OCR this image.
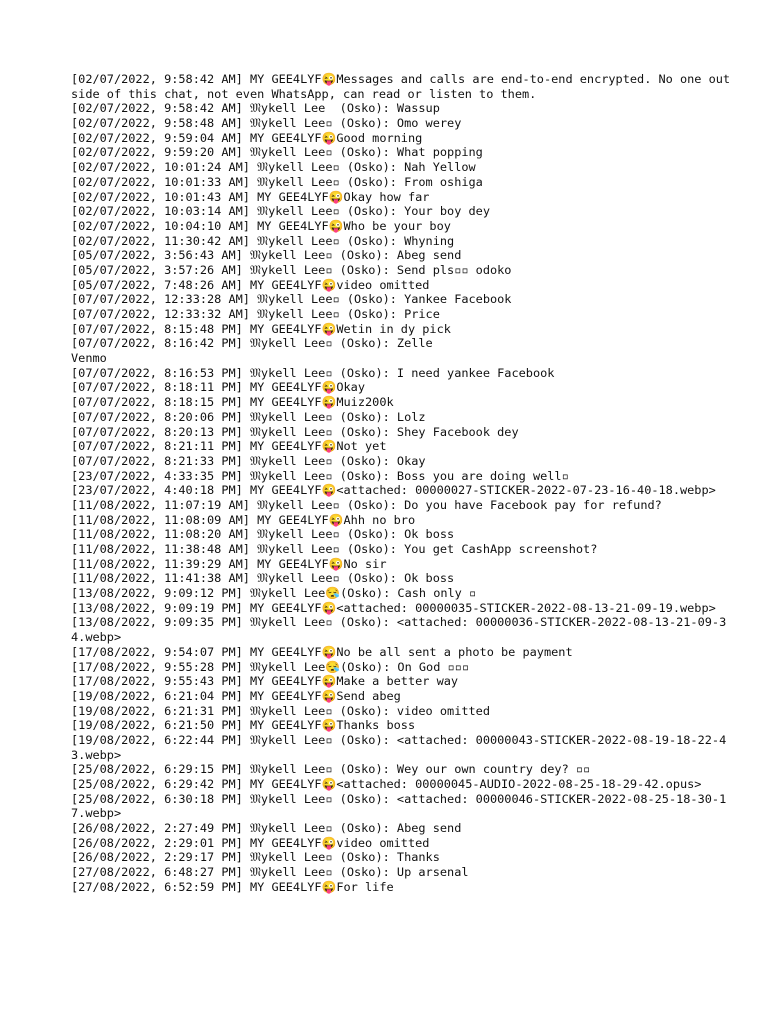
[02/07/2022, 9:58:42 AM] MY GEE4LYF😜Messages and calls are end-to-end encrypted. No one outside of this chat, not even WhatsApp, can read or listen to them.
[02/07/2022, 9:58:42 AM] 𝔐ykell Lee  (Osko): Wassup
[02/07/2022, 9:58:48 AM] 𝔐ykell Lee▫ (Osko): Omo werey
[02/07/2022, 9:59:04 AM] MY GEE4LYF😜Good morning
[02/07/2022, 9:59:20 AM] 𝔐ykell Lee▫ (Osko): What popping
[02/07/2022, 10:01:24 AM] 𝔐ykell Lee▫ (Osko): Nah Yellow
[02/07/2022, 10:01:33 AM] 𝔐ykell Lee▫ (Osko): From oshiga
[02/07/2022, 10:01:43 AM] MY GEE4LYF😜Okay how far
[02/07/2022, 10:03:14 AM] 𝔐ykell Lee▫ (Osko): Your boy dey
[02/07/2022, 10:04:10 AM] MY GEE4LYF😜Who be your boy
[02/07/2022, 11:30:42 AM] 𝔐ykell Lee▫ (Osko): Whyning
[05/07/2022, 3:56:43 AM] 𝔐ykell Lee▫ (Osko): Abeg send
[05/07/2022, 3:57:26 AM] 𝔐ykell Lee▫ (Osko): Send pls▫▫ odoko
[05/07/2022, 7:48:26 AM] MY GEE4LYF😜video omitted
[07/07/2022, 12:33:28 AM] 𝔐ykell Lee▫ (Osko): Yankee Facebook
[07/07/2022, 12:33:32 AM] 𝔐ykell Lee▫ (Osko): Price
[07/07/2022, 8:15:48 PM] MY GEE4LYF😜Wetin in dy pick
[07/07/2022, 8:16:42 PM] 𝔐ykell Lee▫ (Osko): Zelle
Venmo
[07/07/2022, 8:16:53 PM] 𝔐ykell Lee▫ (Osko): I need yankee Facebook
[07/07/2022, 8:18:11 PM] MY GEE4LYF😜Okay
[07/07/2022, 8:18:15 PM] MY GEE4LYF😜Muiz200k
[07/07/2022, 8:20:06 PM] 𝔐ykell Lee▫ (Osko): Lolz
[07/07/2022, 8:20:13 PM] 𝔐ykell Lee▫ (Osko): Shey Facebook dey
[07/07/2022, 8:21:11 PM] MY GEE4LYF😜Not yet
[07/07/2022, 8:21:33 PM] 𝔐ykell Lee▫ (Osko): Okay
[23/07/2022, 4:33:35 PM] 𝔐ykell Lee▫ (Osko): Boss you are doing well▫
[23/07/2022, 4:40:18 PM] MY GEE4LYF😜<attached: 00000027-STICKER-2022-07-23-16-40-18.webp>
[11/08/2022, 11:07:19 AM] 𝔐ykell Lee▫ (Osko): Do you have Facebook pay for refund?
[11/08/2022, 11:08:09 AM] MY GEE4LYF😜Ahh no bro
[11/08/2022, 11:08:20 AM] 𝔐ykell Lee▫ (Osko): Ok boss
[11/08/2022, 11:38:48 AM] 𝔐ykell Lee▫ (Osko): You get CashApp screenshot?
[11/08/2022, 11:39:29 AM] MY GEE4LYF😜No sir
[11/08/2022, 11:41:38 AM] 𝔐ykell Lee▫ (Osko): Ok boss
[13/08/2022, 9:09:12 PM] 𝔐ykell Lee😪(Osko): Cash only ▫
[13/08/2022, 9:09:19 PM] MY GEE4LYF😜<attached: 00000035-STICKER-2022-08-13-21-09-19.webp>
[13/08/2022, 9:09:35 PM] 𝔐ykell Lee▫ (Osko): <attached: 00000036-STICKER-2022-08-13-21-09-34.webp>
[17/08/2022, 9:54:07 PM] MY GEE4LYF😜No be all sent a photo be payment
[17/08/2022, 9:55:28 PM] 𝔐ykell Lee😪(Osko): On God ▫▫▫
[17/08/2022, 9:55:43 PM] MY GEE4LYF😜Make a better way
[19/08/2022, 6:21:04 PM] MY GEE4LYF😜Send abeg
[19/08/2022, 6:21:31 PM] 𝔐ykell Lee▫ (Osko): video omitted
[19/08/2022, 6:21:50 PM] MY GEE4LYF😜Thanks boss
[19/08/2022, 6:22:44 PM] 𝔐ykell Lee▫ (Osko): <attached: 00000043-STICKER-2022-08-19-18-22-43.webp>
[25/08/2022, 6:29:15 PM] 𝔐ykell Lee▫ (Osko): Wey our own country dey? ▫▫
[25/08/2022, 6:29:42 PM] MY GEE4LYF😜<attached: 00000045-AUDIO-2022-08-25-18-29-42.opus>
[25/08/2022, 6:30:18 PM] 𝔐ykell Lee▫ (Osko): <attached: 00000046-STICKER-2022-08-25-18-30-17.webp>
[26/08/2022, 2:27:49 PM] 𝔐ykell Lee▫ (Osko): Abeg send
[26/08/2022, 2:29:01 PM] MY GEE4LYF😜video omitted
[26/08/2022, 2:29:17 PM] 𝔐ykell Lee▫ (Osko): Thanks
[27/08/2022, 6:48:27 PM] 𝔐ykell Lee▫ (Osko): Up arsenal
[27/08/2022, 6:52:59 PM] MY GEE4LYF😜For life
